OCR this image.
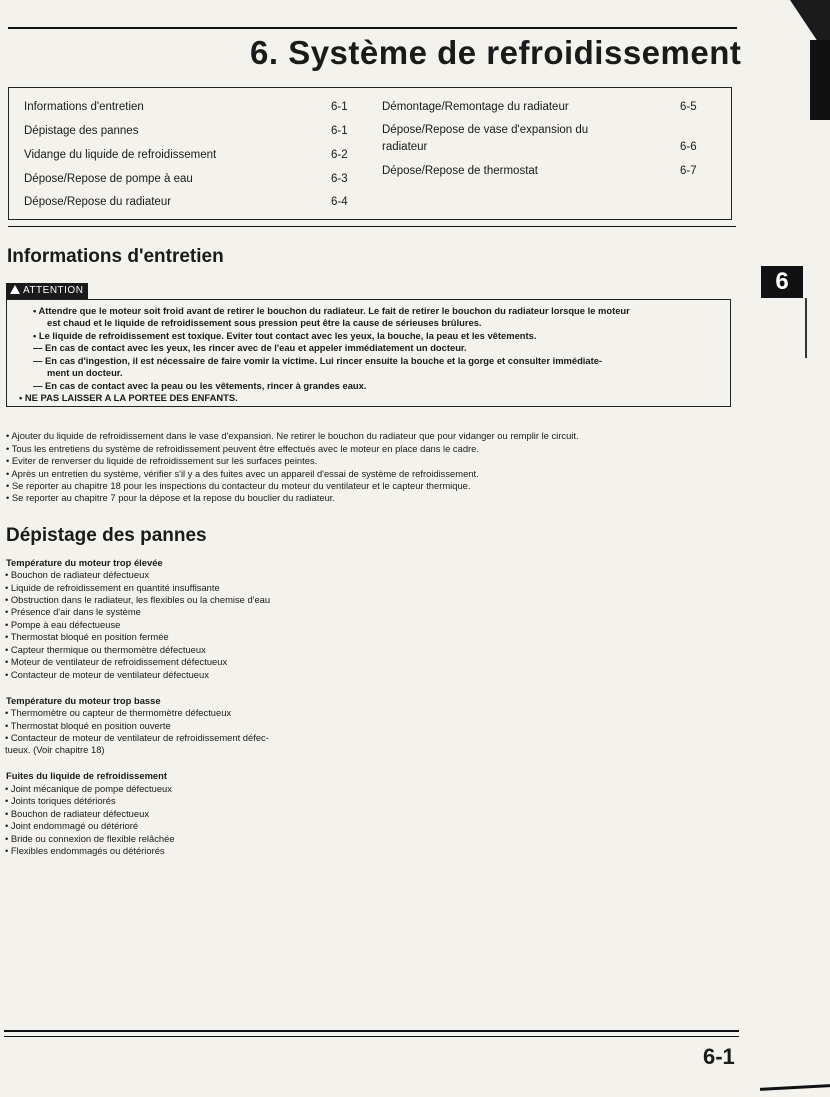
6. Système de refroidissement
Informations d'entretien	6-1
Dépistage des pannes	6-1
Vidange du liquide de refroidissement	6-2
Dépose/Repose de pompe à eau	6-3
Dépose/Repose du radiateur	6-4
Démontage/Remontage du radiateur	6-5
Dépose/Repose de vase d'expansion du
radiateur	6-6
Dépose/Repose de thermostat	6-7
6
Informations d'entretien
ATTENTION
• Attendre que le moteur soit froid avant de retirer le bouchon du radiateur. Le fait de retirer le bouchon du radiateur lorsque le moteur
est chaud et le liquide de refroidissement sous pression peut être la cause de sérieuses brûlures.
• Le liquide de refroidissement est toxique. Eviter tout contact avec les yeux, la bouche, la peau et les vêtements.
— En cas de contact avec les yeux, les rincer avec de l'eau et appeler immédiatement un docteur.
— En cas d'ingestion, il est nécessaire de faire vomir la victime. Lui rincer ensuite la bouche et la gorge et consulter immédiate-
ment un docteur.
— En cas de contact avec la peau ou les vêtements, rincer à grandes eaux.
• NE PAS LAISSER A LA PORTEE DES ENFANTS.
• Ajouter du liquide de refroidissement dans le vase d'expansion. Ne retirer le bouchon du radiateur que pour vidanger ou remplir le circuit.
• Tous les entretiens du système de refroidissement peuvent être effectués avec le moteur en place dans le cadre.
• Eviter de renverser du liquide de refroidissement sur les surfaces peintes.
• Après un entretien du système, vérifier s'il y a des fuites avec un appareil d'essai de système de refroidissement.
• Se reporter au chapitre 18 pour les inspections du contacteur du moteur du ventilateur et le capteur thermique.
• Se reporter au chapitre 7 pour la dépose et la repose du bouclier du radiateur.
Dépistage des pannes
Température du moteur trop élevée
• Bouchon de radiateur défectueux
• Liquide de refroidissement en quantité insuffisante
• Obstruction dans le radiateur, les flexibles ou la chemise d'eau
• Présence d'air dans le système
• Pompe à eau défectueuse
• Thermostat bloqué en position fermée
• Capteur thermique ou thermomètre défectueux
• Moteur de ventilateur de refroidissement défectueux
• Contacteur de moteur de ventilateur défectueux
Température du moteur trop basse
• Thermomètre ou capteur de thermomètre défectueux
• Thermostat bloqué en position ouverte
• Contacteur de moteur de ventilateur de refroidissement défec-
tueux. (Voir chapitre 18)
Fuites du liquide de refroidissement
• Joint mécanique de pompe défectueux
• Joints toriques détériorés
• Bouchon de radiateur défectueux
• Joint endommagé ou détérioré
• Bride ou connexion de flexible relâchée
• Flexibles endommagés ou détériorés
6-1
